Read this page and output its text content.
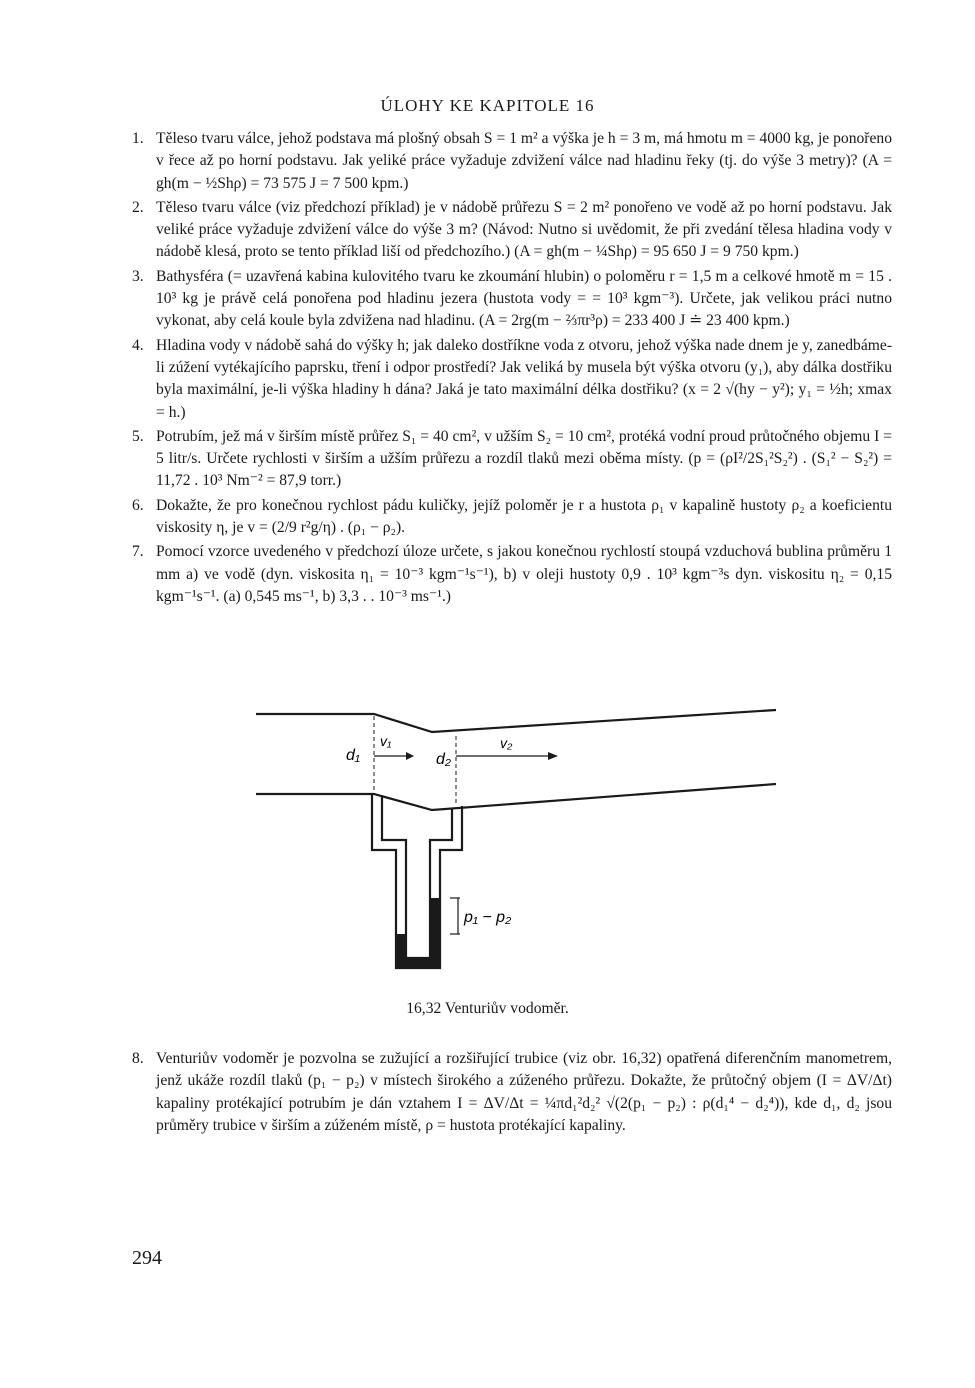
ÚLOHY KE KAPITOLE 16
1. Těleso tvaru válce, jehož podstava má plošný obsah S = 1 m² a výška je h = 3 m, má hmotu m = 4000 kg, je ponořeno v řece až po horní podstavu. Jak yeliké práce vyžaduje zdvižení válce nad hladinu řeky (tj. do výše 3 metry)? (A = gh(m − ½Shρ) = 73 575 J = 7 500 kpm.)
2. Těleso tvaru válce (viz předchozí příklad) je v nádobě průřezu S = 2 m² ponořeno ve vodě až po horní podstavu. Jak veliké práce vyžaduje zdvižení válce do výše 3 m? (Návod: Nutno si uvědomit, že při zvedání tělesa hladina vody v nádobě klesá, proto se tento příklad liší od předchozího.) (A = gh(m − ¼Shρ) = 95 650 J = 9 750 kpm.)
3. Bathysféra (= uzavřená kabina kulovitého tvaru ke zkoumání hlubin) o poloměru r = 1,5 m a celkové hmotě m = 15 . 10³ kg je právě celá ponořena pod hladinu jezera (hustota vody = = 10³ kgm⁻³). Určete, jak velikou práci nutno vykonat, aby celá koule byla zdvižena nad hladinu. (A = 2rg(m − ⅔πr³ρ) = 233 400 J ≐ 23 400 kpm.)
4. Hladina vody v nádobě sahá do výšky h; jak daleko dostříkne voda z otvoru, jehož výška nade dnem je y, zanedbáme-li zúžení vytékajícího paprsku, tření i odpor prostředí? Jak veliká by musela být výška otvoru (y₁), aby dálka dostřiku byla maximální, je-li výška hladiny h dána? Jaká je tato maximální délka dostřiku? (x = 2 √(hy − y²); y₁ = ½h; xmax = h.)
5. Potrubím, jež má v širším místě průřez S₁ = 40 cm², v užším S₂ = 10 cm², protéká vodní proud průtočného objemu I = 5 litr/s. Určete rychlosti v širším a užším průřezu a rozdíl tlaků mezi oběma místy. (p = (ρI²/2S₁²S₂²) . (S₁² − S₂²) = 11,72 . 10³ Nm⁻² = 87,9 torr.)
6. Dokažte, že pro konečnou rychlost pádu kuličky, jejíž poloměr je r a hustota ρ₁ v kapalině hustoty ρ₂ a koeficientu viskosity η, je v = (2/9 r²g/η) . (ρ₁ − ρ₂).
7. Pomocí vzorce uvedeného v předchozí úloze určete, s jakou konečnou rychlostí stoupá vzduchová bublina průměru 1 mm a) ve vodě (dyn. viskosita η₁ = 10⁻³ kgm⁻¹s⁻¹), b) v oleji hustoty 0,9 . 10³ kgm⁻³s dyn. viskositu η₂ = 0,15 kgm⁻¹s⁻¹. (a) 0,545 ms⁻¹, b) 3,3 . . 10⁻³ ms⁻¹.)
d₁
v₁
d₂
v₂
p₁ − p₂
16,32 Venturiův vodoměr.
8. Venturiův vodoměr je pozvolna se zužující a rozšiřující trubice (viz obr. 16,32) opatřená diferenčním manometrem, jenž ukáže rozdíl tlaků (p₁ − p₂) v místech širokého a zúženého průřezu. Dokažte, že průtočný objem (I = ΔV/Δt) kapaliny protékající potrubím je dán vztahem I = ΔV/Δt = ¼πd₁²d₂² √(2(p₁ − p₂) : ρ(d₁⁴ − d₂⁴)), kde d₁, d₂ jsou průměry trubice v širším a zúženém místě, ρ = hustota protékající kapaliny.
294
